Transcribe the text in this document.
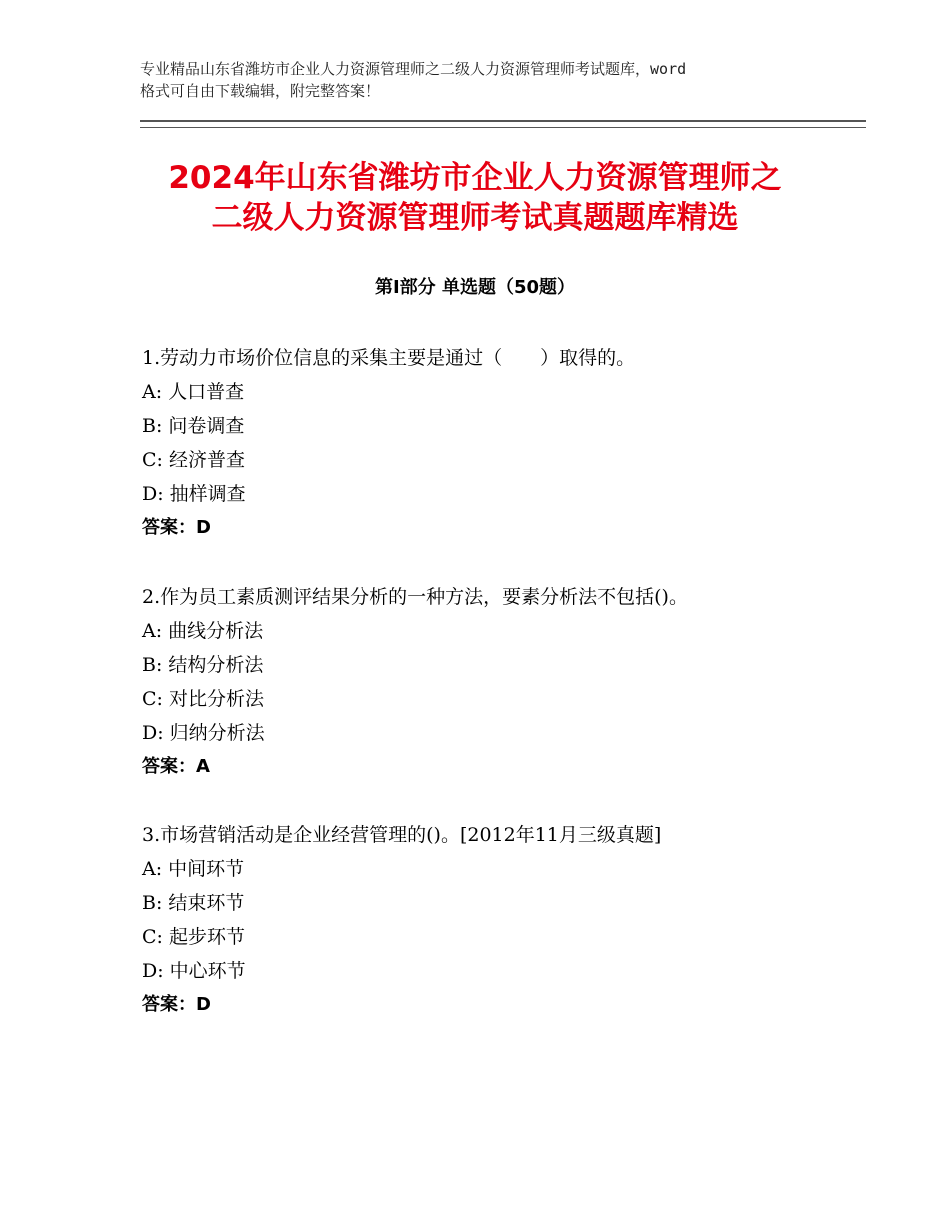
专业精品山东省潍坊市企业人力资源管理师之二级人力资源管理师考试题库，word
格式可自由下载编辑，附完整答案！
2024年山东省潍坊市企业人力资源管理师之
二级人力资源管理师考试真题题库精选
第Ⅰ部分 单选题（50题）
1.劳动力市场价位信息的采集主要是通过（　　）取得的。
A: 人口普查
B: 问卷调查
C: 经济普查
D: 抽样调查
答案：D
2.作为员工素质测评结果分析的一种方法，要素分析法不包括()。
A: 曲线分析法
B: 结构分析法
C: 对比分析法
D: 归纳分析法
答案：A
3.市场营销活动是企业经营管理的()。[2012年11月三级真题]
A: 中间环节
B: 结束环节
C: 起步环节
D: 中心环节
答案：D
